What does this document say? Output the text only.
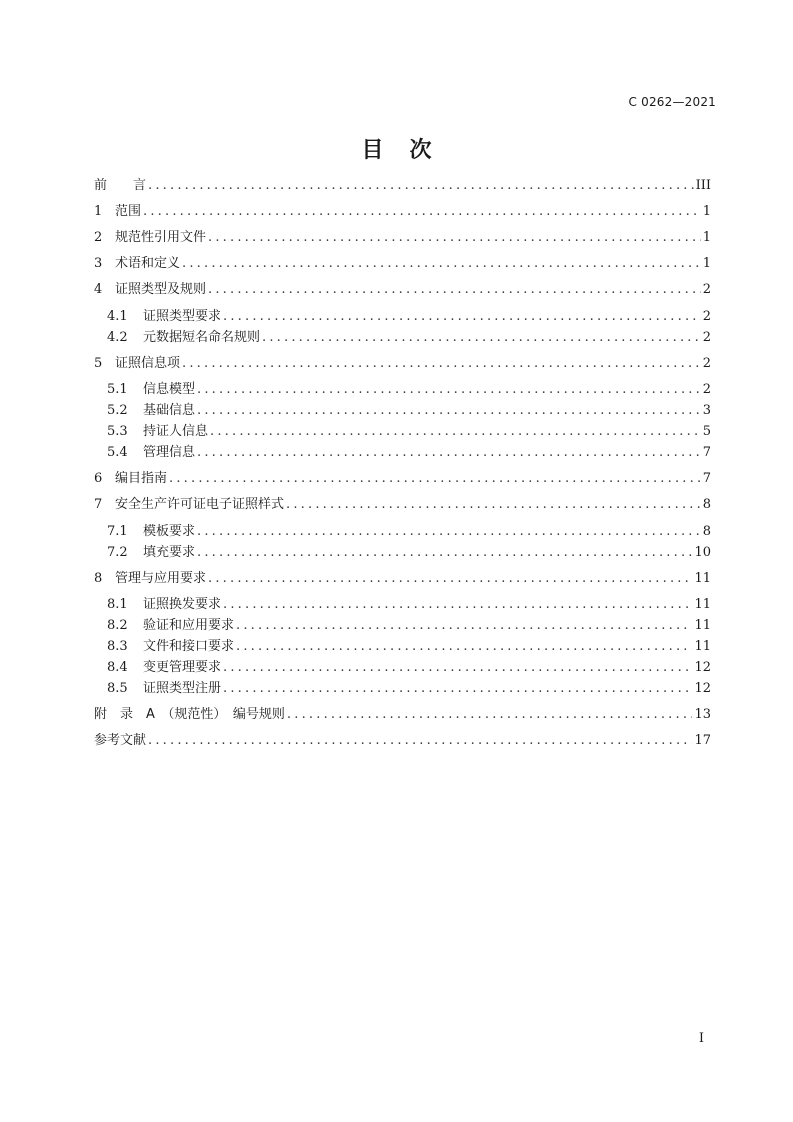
C 0262—2021
目次
前　　言 .....	III
1 范围 .....	1
2 规范性引用文件 .....	1
3 术语和定义 .....	1
4 证照类型及规则 .....	2
4.1	证照类型要求 .....	2
4.2	元数据短名命名规则 .....	2
5 证照信息项 .....	2
5.1	信息模型 .....	2
5.2	基础信息 .....	3
5.3	持证人信息 .....	5
5.4	管理信息 .....	7
6 编目指南 .....	7
7 安全生产许可证电子证照样式 .....	8
7.1	模板要求 .....	8
7.2	填充要求 .....	10
8 管理与应用要求 .....	11
8.1	证照换发要求 .....	11
8.2	验证和应用要求 .....	11
8.3	文件和接口要求 .....	11
8.4	变更管理要求 .....	12
8.5	证照类型注册 .....	12
附　录　A　（规范性）　编号规则 .....	13
参考文献 .....	17
I
